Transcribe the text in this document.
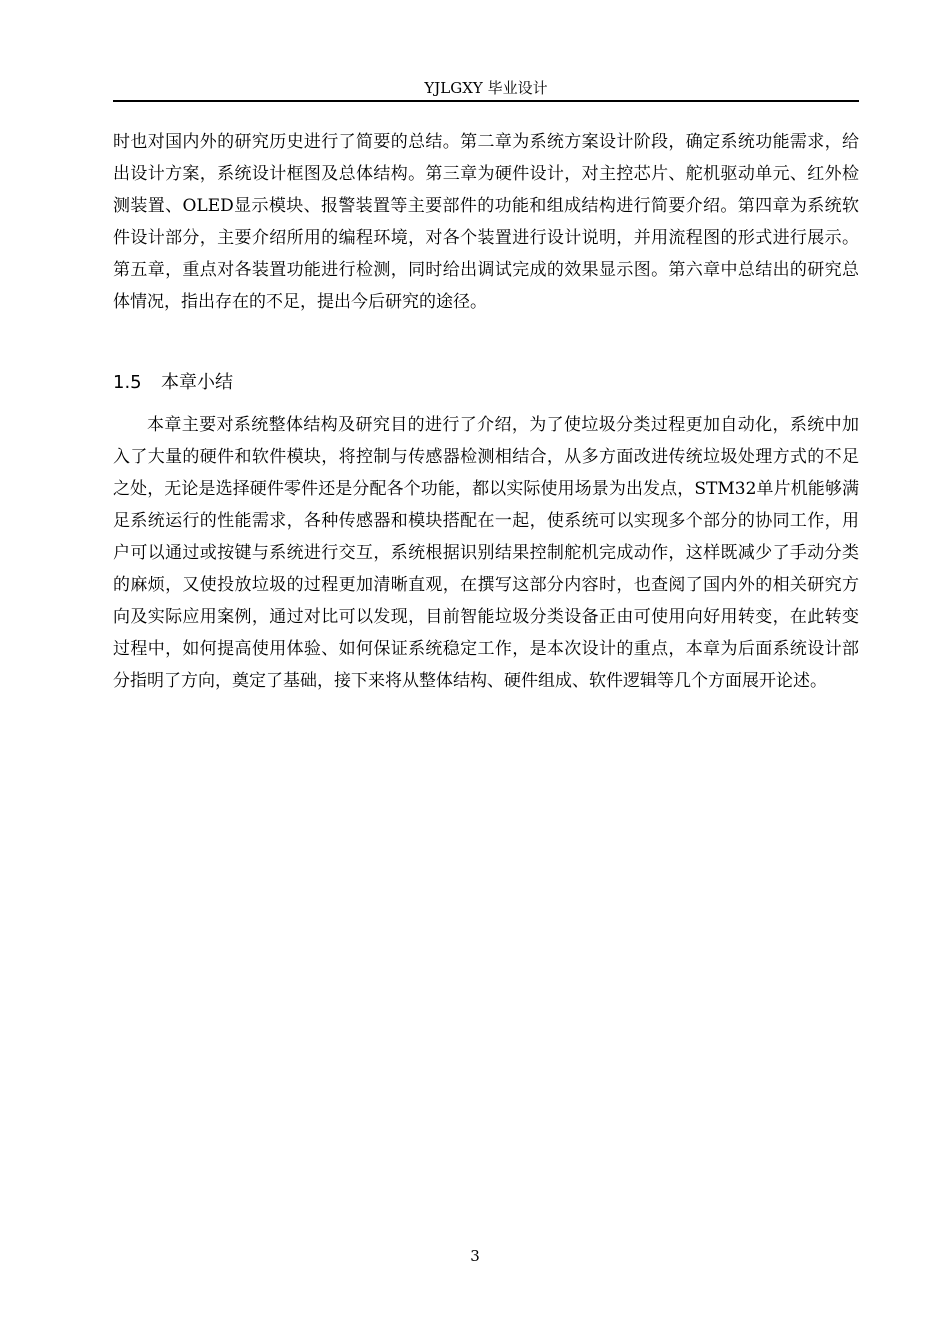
YJLGXY 毕业设计

时也对国内外的研究历史进行了简要的总结。第二章为系统方案设计阶段，确定系统功能需求，给出设计方案，系统设计框图及总体结构。第三章为硬件设计，对主控芯片、舵机驱动单元、红外检测装置、OLED显示模块、报警装置等主要部件的功能和组成结构进行简要介绍。第四章为系统软件设计部分，主要介绍所用的编程环境，对各个装置进行设计说明，并用流程图的形式进行展示。第五章，重点对各装置功能进行检测，同时给出调试完成的效果显示图。第六章中总结出的研究总体情况，指出存在的不足，提出今后研究的途径。

1.5 本章小结

本章主要对系统整体结构及研究目的进行了介绍，为了使垃圾分类过程更加自动化，系统中加入了大量的硬件和软件模块，将控制与传感器检测相结合，从多方面改进传统垃圾处理方式的不足之处，无论是选择硬件零件还是分配各个功能，都以实际使用场景为出发点，STM32单片机能够满足系统运行的性能需求，各种传感器和模块搭配在一起，使系统可以实现多个部分的协同工作，用户可以通过或按键与系统进行交互，系统根据识别结果控制舵机完成动作，这样既减少了手动分类的麻烦，又使投放垃圾的过程更加清晰直观，在撰写这部分内容时，也查阅了国内外的相关研究方向及实际应用案例，通过对比可以发现，目前智能垃圾分类设备正由可使用向好用转变，在此转变过程中，如何提高使用体验、如何保证系统稳定工作，是本次设计的重点，本章为后面系统设计部分指明了方向，奠定了基础，接下来将从整体结构、硬件组成、软件逻辑等几个方面展开论述。

3
